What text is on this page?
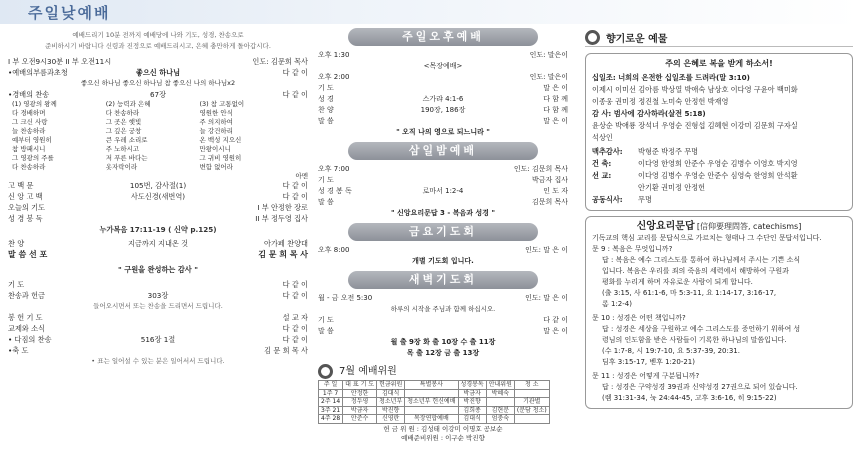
주일낮예배
예배드리기 10분 전까지 예배당에 나와 기도, 성경, 찬송으로
준비하시기 바랍니다 신령과 진정으로 예배드리시고, 은혜 충만하게 돌아갑시다.
I 부 오전9시30분 II 부 오전11시	인도: 김문희 목사
•예배의부름과초청	좋으신 하나님	다 같 이
좋으신 하나님 좋으신 하나님 참 좋으신 나의 하나님x2
•경배의 찬송	67장	다 같 이
(1) 영광의 왕께	(2) 능력과 은혜	(3) 참 고통없이
다 경배하며	다 찬송하라	영원한 안식
그 크신 사랑	그 곳은 햇빛	주 의지하여
늘 찬송하라	그 깊은 궁창	늘 강건하리
예부터 영원히	큰 우레 소리로	온 백성 지으신
참 방패시니	주 노하시고	만왕이시니
그 영광의 주를	저 푸른 바다는	그 귀비 영원히
다 찬송하라	옷자락이라	변함 없어라
아멘
고 백 문	105번, 감사절(1)	다 같 이
신 앙 고 백	사도신경(새번역)	다 같 이
오늘의 기도	I 부 안정한 장로
성 경 봉 독	II 부 정두영 집사
누가복음 17:11-19 ( 신약 p.125)
찬 양	지금까지 지내온 것	아가페 찬양대
말 씀 선 포	김 문 희 목 사
" 구원을 완성하는 감사 "
기 도	다 같 이
찬송과 헌금	303장	다 같 이
들어오시면서 또는 찬송을 드리면서 드립니다.
봉 헌 기 도	설 교 자
교제와 소식	다 같 이
• 다짐의 찬송	516장 1절	다 같 이
•축 도	김 문 희 목 사
• 표는 일어설 수 있는 분은 일어서서 드립니다.
주일오후예배
오후 1:30	인도: 말은이
<목장예배>
오후 2:00	인도: 말은이
기 도	말 은 이
성 경	스가랴 4:1-6	다 함 께
찬 양	190장, 186장	다 함 께
말 씀	말 은 이
" 오직 나의 영으로 되느니라 "
삼일밤예배
오후 7:00	인도: 김문희 목사
기 도	박금자 집사
성 경 봉 독	로마서 1:2-4	인 도 자
말 씀	김문희 목사
" 신앙요리문답 3 - 복음과 성경 "
금요기도회
오후 8:00	인도: 말 은 이
개별 기도회 입니다.
새벽기도회
월 - 금 오전 5:30	인도: 말 은 이
하루의 시작을 주님과 함께 하십시오.
기 도	다 같 이
말 씀	말 은 이
월 출 9장 화 출 10장 수 출 11장
목 출 12장 금 출 13장
7월 예배위원
주 일	대 표 기 도	헌금위원	특별봉사	성경봉독	안내위원	청 소
1주 7	안정한	김대식		박금자	박혜숙	
2주 14	정두영	청소년부	청소년부 헌신예배	박진향		기관별
3주 21	박금자	박진향		김희종	김현분	(분담 청소)
4주 28	안준수	신영란	목장연합예배	김대식	엄중숙	
헌 금 위 원 : 김성태 이강미 이명호 공보순
예배준비위원 : 이구순 박진향
향기로운 예물
주의 은혜로 복을 받게 하소서!
십일조: 너희의 온전한 십일조를 드려라(말 3:10)
이제시 이미선 김아름 박상열 박애숙 남상호 이다영 구윤아 백미화
이종웅 권미정 정진철 노미숙 안정헌 박재영
감 사: 범사에 감사하라(살전 5:18)
윤상순 박애룡 장석녀 우영순 진형섭 김혜현 이강미 김문희 구자실
석상인
맥추감사: 박형준 박정주 무명
건 축:	이다영 한영희 안준수 우영순 김병수 이영호 박지영
선 교:	이다영 김병수 우영순 안준수 심영숙 한영희 안석환
안기환 권미정 안정헌
공동식사: 무명
신앙요리문답 [信仰要理問答, catechisms]
기독교의 핵심 교리를 문답식으로 가르치는 형태나 그 수단인 문답서입니다.
문 9 : 복음은 무엇입니까?
답 : 복음은 예수 그리스도를 통하여 하나님께서 주시는 기쁜 소식
입니다. 복음은 우리를 죄의 죽음의 세력에서 해방하여 구원과
평화를 누리게 하며 자유로운 사람이 되게 합니다.
(출 3:15, 사 61:1-6, 마 5:3-11, 요 1:14-17, 3:16-17,
롬 1:2-4)
문 10 : 성경은 어떤 책입니까?
답 : 성경은 세상을 구원하고 예수 그리스도를 증언하기 위하여 성
령님의 인도함을 받은 사람들이 기록한 하나님의 말씀입니다.
(수 1:7-8, 시 19:7-10, 요 5:37-39, 20:31.
딤후 3:15-17, 벧후 1:20-21)
문 11 : 성경은 어떻게 구분됩니까?
답 : 성경은 구약성경 39권과 신약성경 27권으로 되어 있습니다.
(렘 31:31-34, 눅 24:44-45, 고후 3:6-16, 히 9:15-22)
